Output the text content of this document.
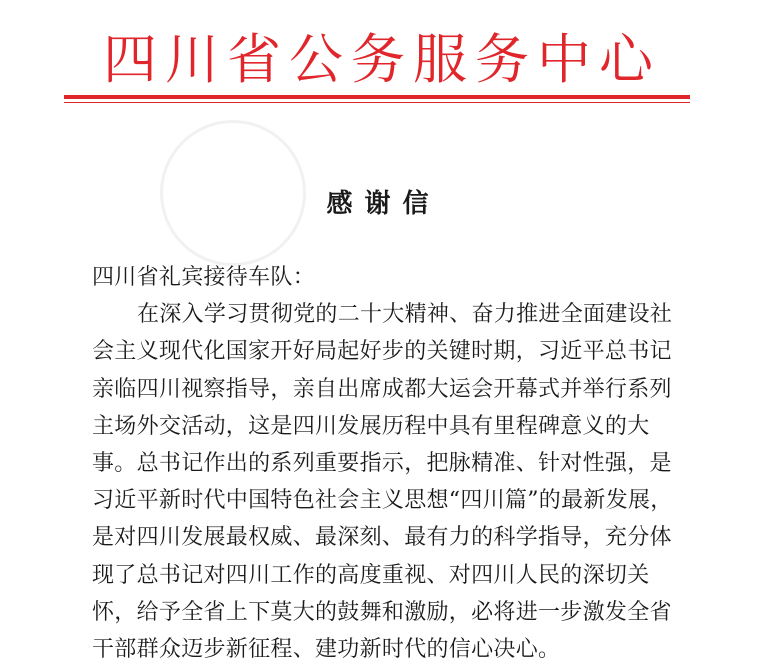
四川省公务服务中心
感谢信
四川省礼宾接待车队：
在深入学习贯彻党的二十大精神、奋力推进全面建设社
会主义现代化国家开好局起好步的关键时期，习近平总书记
亲临四川视察指导，亲自出席成都大运会开幕式并举行系列
主场外交活动，这是四川发展历程中具有里程碑意义的大
事。总书记作出的系列重要指示，把脉精准、针对性强，是
习近平新时代中国特色社会主义思想“四川篇”的最新发展，
是对四川发展最权威、最深刻、最有力的科学指导，充分体
现了总书记对四川工作的高度重视、对四川人民的深切关
怀，给予全省上下莫大的鼓舞和激励，必将进一步激发全省
干部群众迈步新征程、建功新时代的信心决心。
